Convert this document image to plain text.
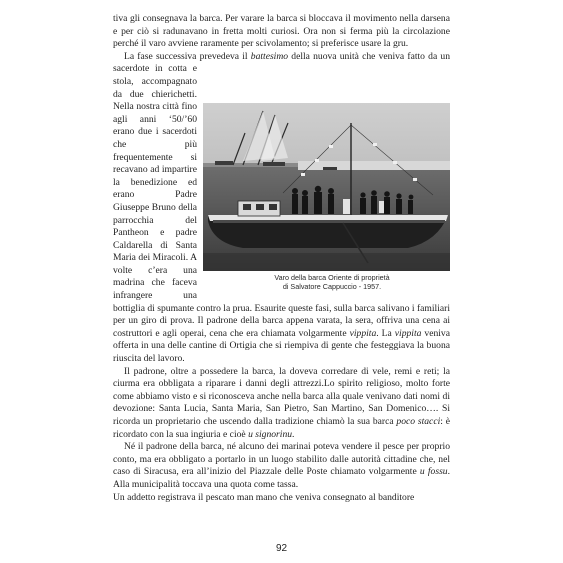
tiva gli consegnava la barca. Per varare la barca si bloccava il movimento nella darsena e per ciò si radunavano in fretta molti curiosi. Ora non si ferma più la circolazione perché il varo avviene raramente per scivolamento; si preferisce usare la gru.

La fase successiva prevedeva il battesimo
Varo della barca Oriente di proprietà
di Salvatore Cappuccio - 1957.
della nuova unità che veniva fatto da un sacerdote in cotta e stola, accompagnato da due chierichetti. Nella nostra città fino agli anni ‘50/’60 erano due i sacerdoti che più frequentemente si recavano ad impartire la benedizione ed erano Padre Giuseppe Bruno della parrocchia del Pantheon e padre Caldarella di Santa Maria dei Miracoli. A volte c’era una madrina che faceva infrangere una bottiglia di spumante contro la prua. Esaurite queste fasi, sulla barca salivano i familiari per un giro di prova. Il padrone della barca appena varata, la sera, offriva una cena ai costruttori e agli operai, cena che era chiamata volgarmente vippita. La vippita veniva offerta in una delle cantine di Ortigia che si riempiva di gente che festeggiava la buona riuscita del lavoro.

Il padrone, oltre a possedere la barca, la doveva corredare di vele, remi e reti; la ciurma era obbligata a riparare i danni degli attrezzi.Lo spirito religioso, molto forte come abbiamo visto e si riconosceva anche nella barca alla quale venivano dati nomi di devozione: Santa Lucia, Santa Maria, San Pietro, San Martino, San Domenico…. Si ricorda un proprietario che uscendo dalla tradizione chiamò la sua barca poco stacci: è ricordato con la sua ingiuria e cioè u signorinu.

Né il padrone della barca, né alcuno dei marinai poteva vendere il pesce per proprio conto, ma era obbligato a portarlo in un luogo stabilito dalle autorità cittadine che, nel caso di Siracusa, era all’inizio del Piazzale delle Poste chiamato volgarmente u fossu. Alla municipalità toccava una quota come tassa.

Un addetto registrava il pescato man mano che veniva consegnato al banditore

92
